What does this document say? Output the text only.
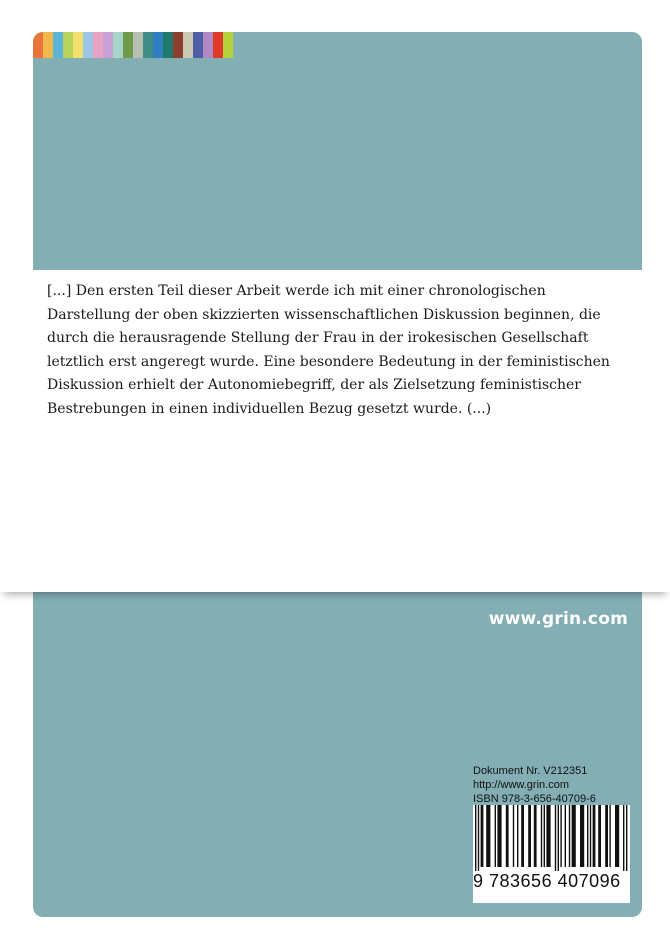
[...] Den ersten Teil dieser Arbeit werde ich mit einer chronologischen
Darstellung der oben skizzierten wissenschaftlichen Diskussion beginnen, die
durch die herausragende Stellung der Frau in der irokesischen Gesellschaft
letztlich erst angeregt wurde. Eine besondere Bedeutung in der feministischen
Diskussion erhielt der Autonomiebegriff, der als Zielsetzung feministischer
Bestrebungen in einen individuellen Bezug gesetzt wurde. (...)

www.grin.com
Dokument Nr. V212351
http://www.grin.com
ISBN 978-3-656-40709-6
9 783656 407096
